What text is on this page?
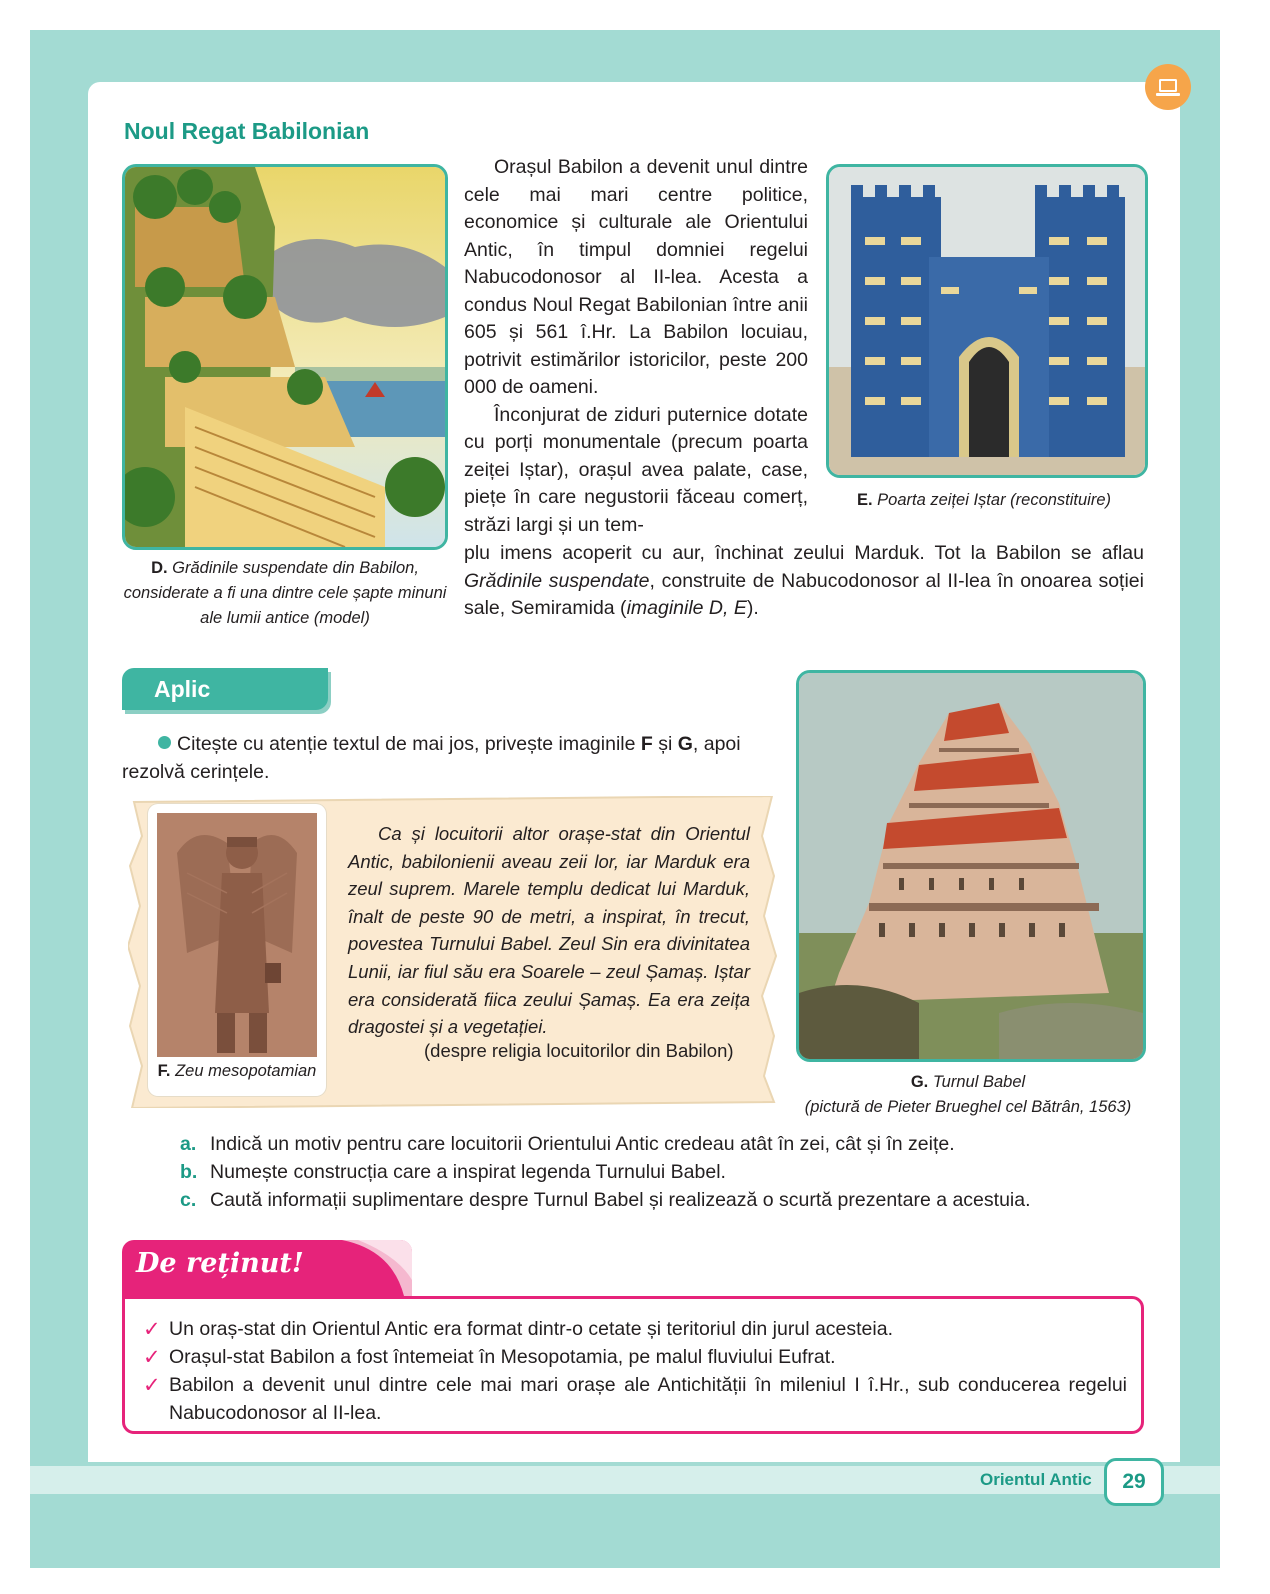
Noul Regat Babilonian
D. Grădinile suspendate din Babilon, considerate a fi una dintre cele șapte minuni ale lumii antice (model)
E. Poarta zeiței Iștar (reconstituire)

Orașul Babilon a devenit unul dintre cele mai mari centre politice, economice și culturale ale Orientului Antic, în timpul domniei regelui Nabucodonosor al II-lea. Acesta a condus Noul Regat Babilonian între anii 605 și 561 î.Hr. La Babilon locuiau, potrivit estimărilor istoricilor, peste 200 000 de oameni.

Înconjurat de ziduri puternice dotate cu porți monumentale (precum poarta zeiței Iștar), orașul avea palate, case, piețe în care negustorii făceau comerț, străzi largi și un tem-

plu imens acoperit cu aur, închinat zeului Marduk. Tot la Babilon se aflau Grădinile suspendate, construite de Nabucodonosor al II-lea în onoarea soției sale, Semiramida (imaginile D, E).

Aplic
Citește cu atenție textul de mai jos, privește imaginile F și G, apoi rezolvă cerințele.
F. Zeu mesopotamian
Ca și locuitorii altor orașe-stat din Orientul Antic, babilonienii aveau zeii lor, iar Marduk era zeul suprem. Marele templu dedicat lui Marduk, înalt de peste 90 de metri, a inspirat, în trecut, povestea Turnului Babel. Zeul Sin era divinitatea Lunii, iar fiul său era Soarele – zeul Șamaș. Iștar era considerată fiica zeului Șamaș. Ea era zeița dragostei și a vegetației.
(despre religia locuitorilor din Babilon)
G. Turnul Babel
(pictură de Pieter Brueghel cel Bătrân, 1563)
a. Indică un motiv pentru care locuitorii Orientului Antic credeau atât în zei, cât și în zeițe.
b. Numește construcția care a inspirat legenda Turnului Babel.
c. Caută informații suplimentare despre Turnul Babel și realizează o scurtă prezentare a acestuia.
De reținut!
✓ Un oraș-stat din Orientul Antic era format dintr-o cetate și teritoriul din jurul acesteia.
✓ Orașul-stat Babilon a fost întemeiat în Mesopotamia, pe malul fluviului Eufrat.
✓ Babilon a devenit unul dintre cele mai mari orașe ale Antichității în mileniul I î.Hr., sub conducerea regelui Nabucodonosor al II-lea.
Orientul Antic	29
